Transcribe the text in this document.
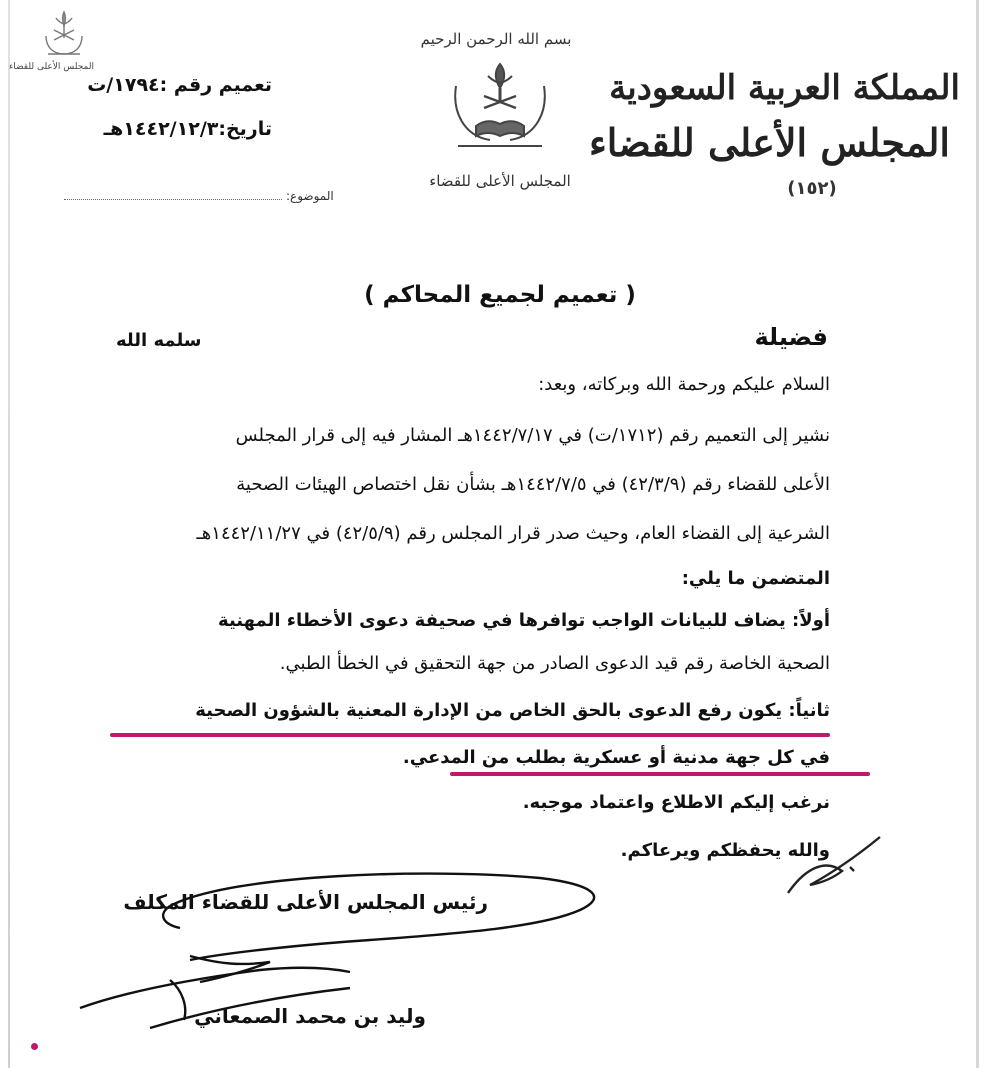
المجلس الأعلى للقضاء
تعميم رقم :١٧٩٤/ت
تاريخ:١٤٤٢/١٢/٣هـ
الموضوع:
بسم الله الرحمن الرحيم
المجلس الأعلى للقضاء
المملكة العربية السعودية
المجلس الأعلى للقضاء
(١٥٢)
( تعميم لجميع المحاكم )
فضيلة
سلمه الله
السلام عليكم ورحمة الله وبركاته، وبعد:
نشير إلى التعميم رقم (١٧١٢/ت) في ١٤٤٢/٧/١٧هـ المشار فيه إلى قرار المجلس
الأعلى للقضاء رقم (٤٢/٣/٩) في ١٤٤٢/٧/٥هـ بشأن نقل اختصاص الهيئات الصحية
الشرعية إلى القضاء العام، وحيث صدر قرار المجلس رقم (٤٢/٥/٩) في ١٤٤٢/١١/٢٧هـ
المتضمن ما يلي:
أولاً: يضاف للبيانات الواجب توافرها في صحيفة دعوى الأخطاء المهنية
الصحية الخاصة رقم قيد الدعوى الصادر من جهة التحقيق في الخطأ الطبي.
ثانياً: يكون رفع الدعوى بالحق الخاص من الإدارة المعنية بالشؤون الصحية
في كل جهة مدنية أو عسكرية بطلب من المدعي.
نرغب إليكم الاطلاع واعتماد موجبه.
والله يحفظكم ويرعاكم.
رئيس المجلس الأعلى للقضاء المكلف
وليد بن محمد الصمعاني
